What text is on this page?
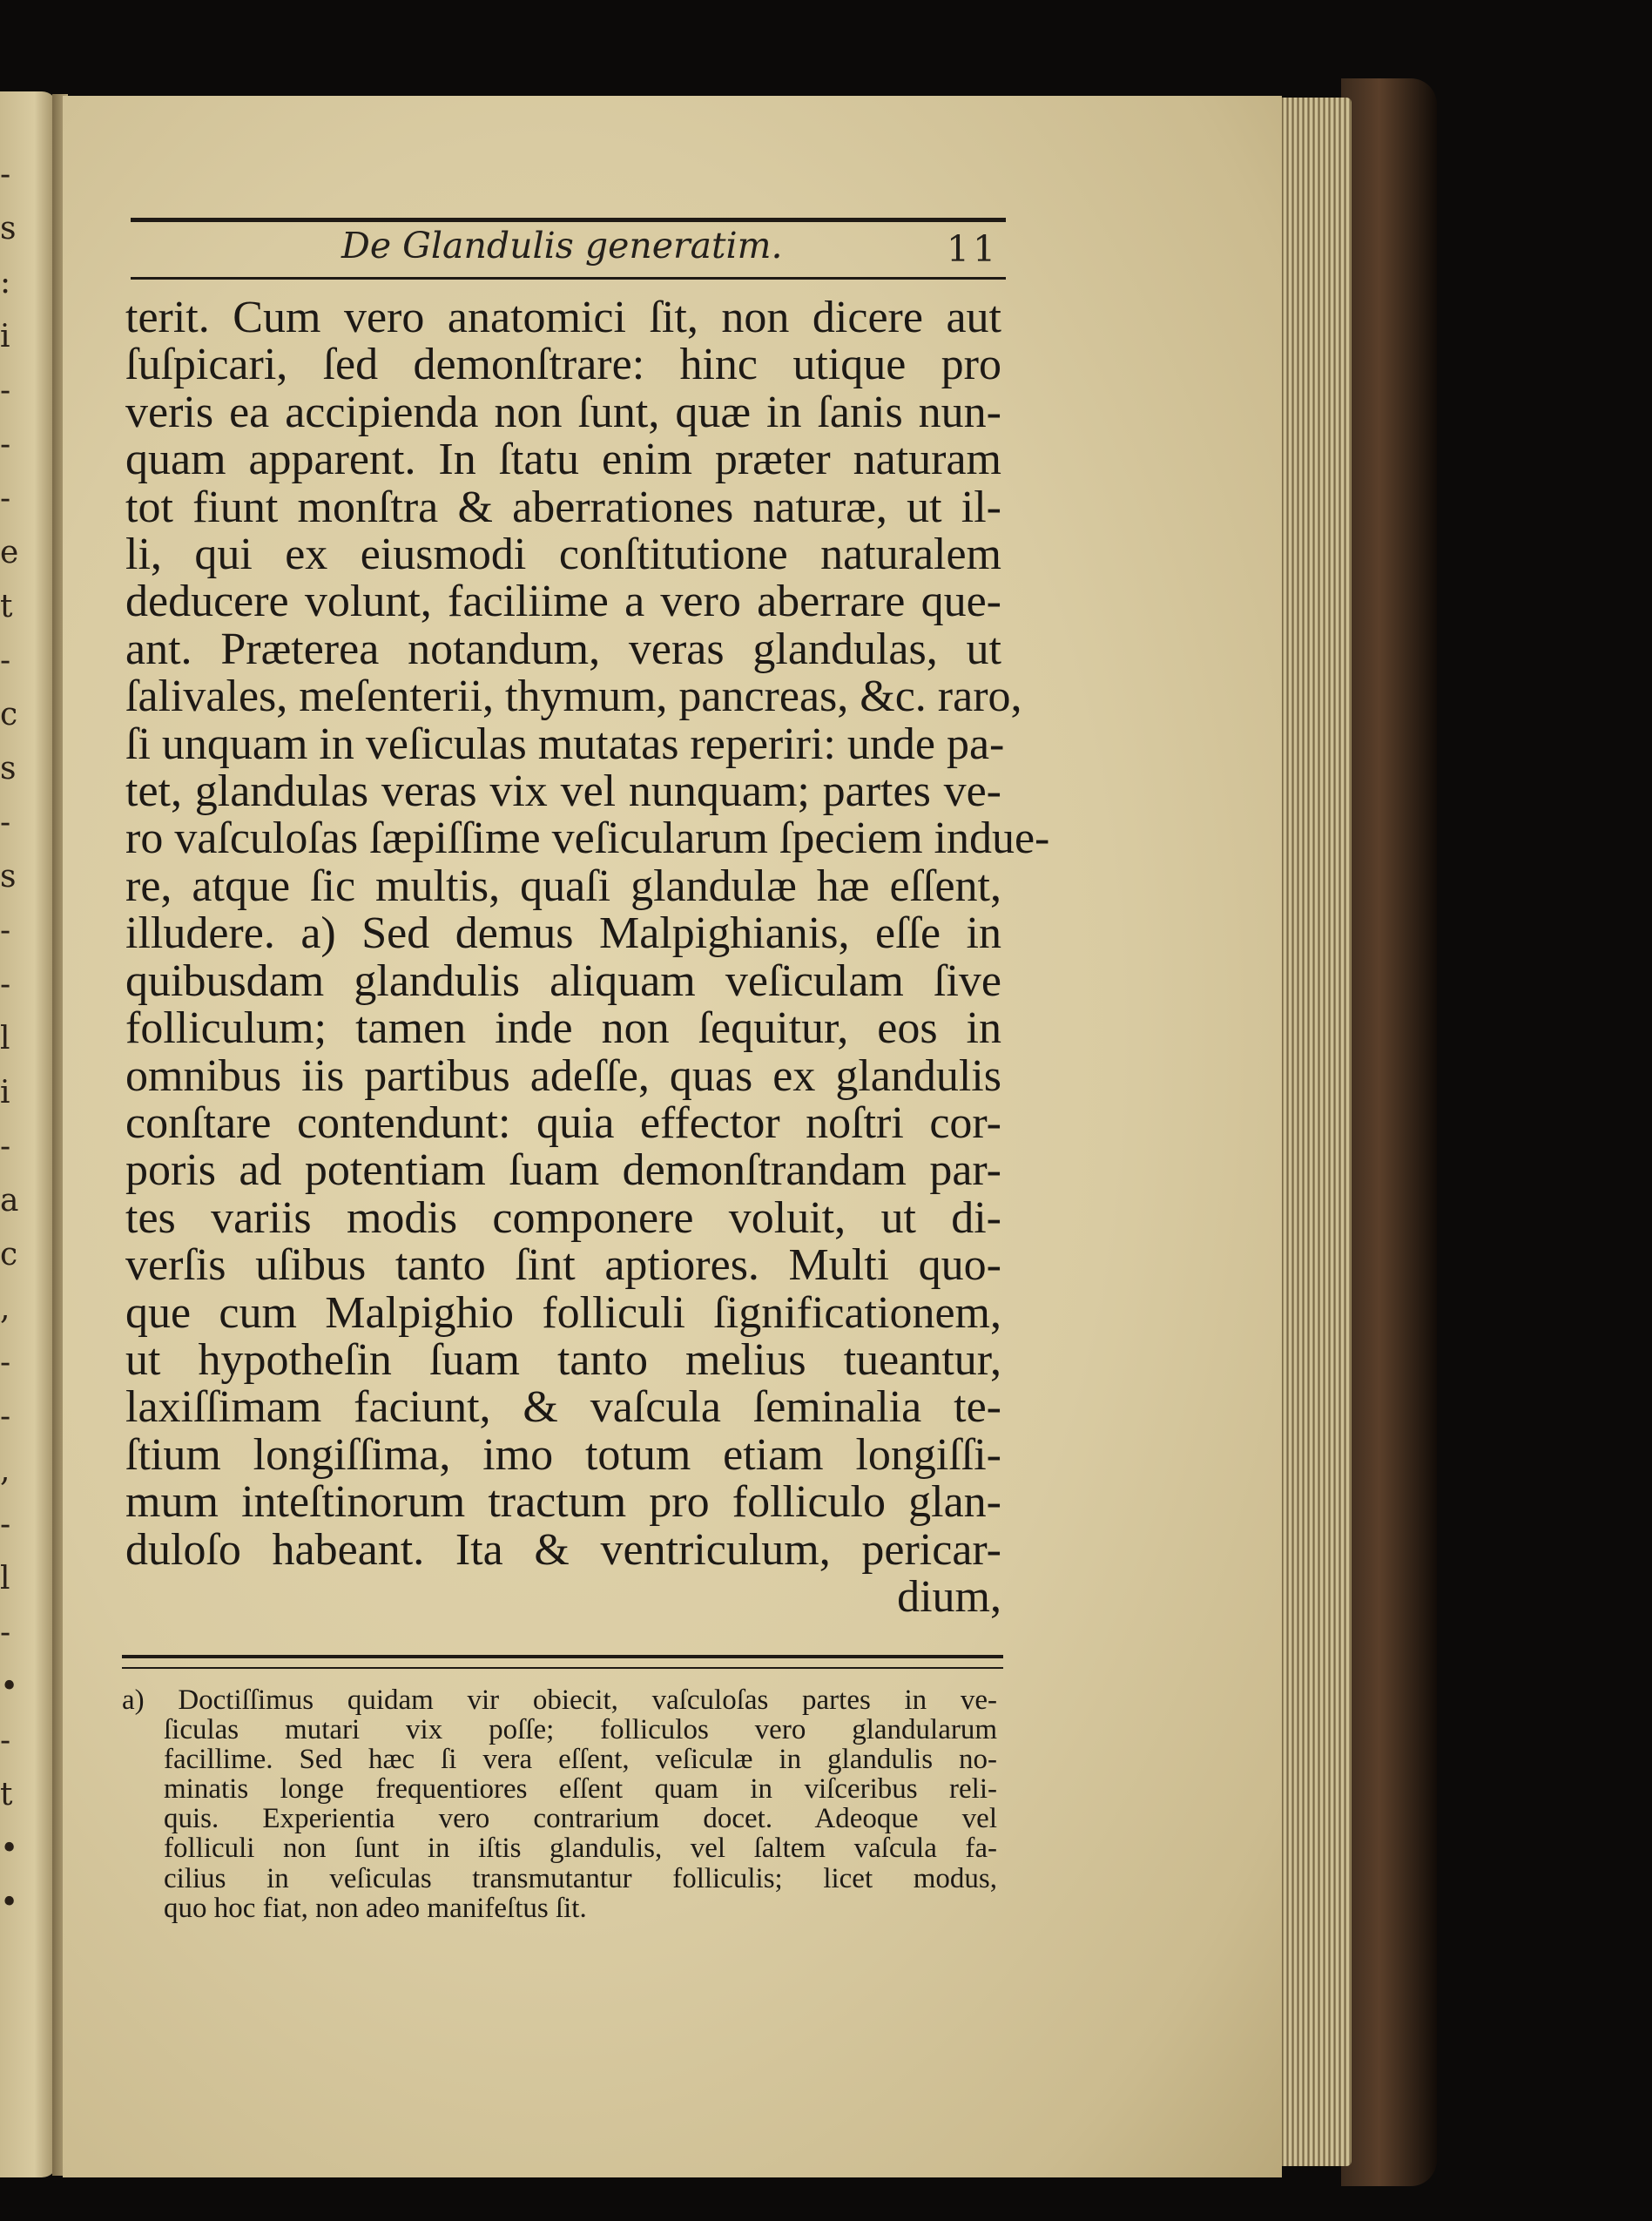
-
s
:
i
-
-
-
e
t
-
c
s
-
s
-
-
l
i
-
a
c
,
-
-
,
-
l
-
•
-
t
•
•
De Glandulis generatim.	11
terit. Cum vero anatomici ſit, non dicere aut
ſuſpicari, ſed demonſtrare: hinc utique pro
veris ea accipienda non ſunt, quæ in ſanis nun-
quam apparent. In ſtatu enim præter naturam
tot fiunt monſtra & aberrationes naturæ, ut il-
li, qui ex eiusmodi conſtitutione naturalem
deducere volunt, faciliime a vero aberrare que-
ant. Præterea notandum, veras glandulas, ut
ſalivales, meſenterii, thymum, pancreas, &c. raro,
ſi unquam in veſiculas mutatas reperiri: unde pa-
tet, glandulas veras vix vel nunquam; partes ve-
ro vaſculoſas ſæpiſſime veſicularum ſpeciem indue-
re, atque ſic multis, quaſi glandulæ hæ eſſent,
illudere. a) Sed demus Malpighianis, eſſe in
quibusdam glandulis aliquam veſiculam ſive
folliculum; tamen inde non ſequitur, eos in
omnibus iis partibus adeſſe, quas ex glandulis
conſtare contendunt: quia effector noſtri cor-
poris ad potentiam ſuam demonſtrandam par-
tes variis modis componere voluit, ut di-
verſis uſibus tanto ſint aptiores. Multi quo-
que cum Malpighio folliculi ſignificationem,
ut hypotheſin ſuam tanto melius tueantur,
laxiſſimam faciunt, & vaſcula ſeminalia te-
ſtium longiſſima, imo totum etiam longiſſi-
mum inteſtinorum tractum pro folliculo glan-
duloſo habeant. Ita & ventriculum, pericar-
dium,
a) Doctiſſimus quidam vir obiecit, vaſculoſas partes in ve-
ſiculas mutari vix poſſe; folliculos vero glandularum
facillime. Sed hæc ſi vera eſſent, veſiculæ in glandulis no-
minatis longe frequentiores eſſent quam in viſceribus reli-
quis. Experientia vero contrarium docet. Adeoque vel
folliculi non ſunt in iſtis glandulis, vel ſaltem vaſcula fa-
cilius in veſiculas transmutantur folliculis; licet modus,
quo hoc fiat, non adeo manifeſtus ſit.
